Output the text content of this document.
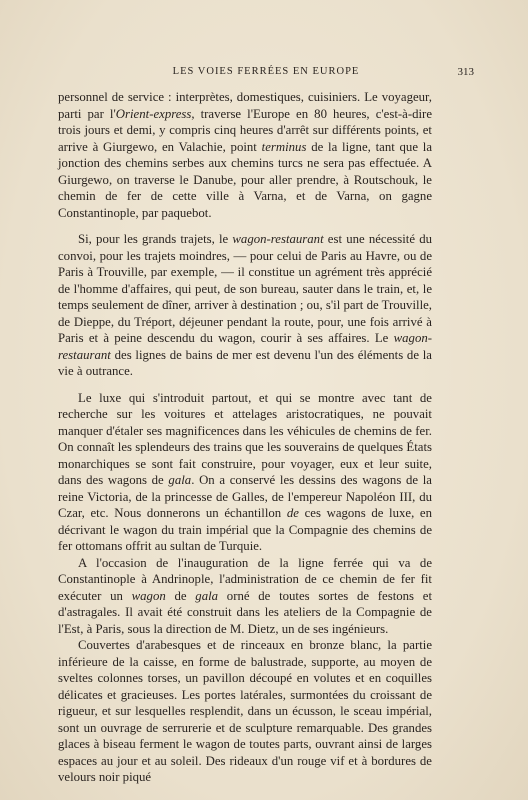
LES VOIES FERRÉES EN EUROPE	313

personnel de service : interprètes, domestiques, cuisiniers. Le voyageur, parti par l'Orient-express, traverse l'Europe en 80 heures, c'est-à-dire trois jours et demi, y compris cinq heures d'arrêt sur différents points, et arrive à Giurgewo, en Valachie, point terminus de la ligne, tant que la jonction des chemins serbes aux chemins turcs ne sera pas effectuée. A Giurgewo, on traverse le Danube, pour aller prendre, à Routschouk, le chemin de fer de cette ville à Varna, et de Varna, on gagne Constantinople, par paquebot.

Si, pour les grands trajets, le wagon-restaurant est une nécessité du convoi, pour les trajets moindres, — pour celui de Paris au Havre, ou de Paris à Trouville, par exemple, — il constitue un agrément très apprécié de l'homme d'affaires, qui peut, de son bureau, sauter dans le train, et, le temps seulement de dîner, arriver à destination ; ou, s'il part de Trouville, de Dieppe, du Tréport, déjeuner pendant la route, pour, une fois arrivé à Paris et à peine descendu du wagon, courir à ses affaires. Le wagon-restaurant des lignes de bains de mer est devenu l'un des éléments de la vie à outrance.

Le luxe qui s'introduit partout, et qui se montre avec tant de recherche sur les voitures et attelages aristocratiques, ne pouvait manquer d'étaler ses magnificences dans les véhicules de chemins de fer. On connaît les splendeurs des trains que les souverains de quelques États monarchiques se sont fait construire, pour voyager, eux et leur suite, dans des wagons de gala. On a conservé les dessins des wagons de la reine Victoria, de la princesse de Galles, de l'empereur Napoléon III, du Czar, etc. Nous donnerons un échantillon de ces wagons de luxe, en décrivant le wagon du train impérial que la Compagnie des chemins de fer ottomans offrit au sultan de Turquie.

A l'occasion de l'inauguration de la ligne ferrée qui va de Constantinople à Andrinople, l'administration de ce chemin de fer fit exécuter un wagon de gala orné de toutes sortes de festons et d'astragales. Il avait été construit dans les ateliers de la Compagnie de l'Est, à Paris, sous la direction de M. Dietz, un de ses ingénieurs.

Couvertes d'arabesques et de rinceaux en bronze blanc, la partie inférieure de la caisse, en forme de balustrade, supporte, au moyen de sveltes colonnes torses, un pavillon découpé en volutes et en coquilles délicates et gracieuses. Les portes latérales, surmontées du croissant de rigueur, et sur lesquelles resplendit, dans un écusson, le sceau impérial, sont un ouvrage de serrurerie et de sculpture remarquable. Des grandes glaces à biseau ferment le wagon de toutes parts, ouvrant ainsi de larges espaces au jour et au soleil. Des rideaux d'un rouge vif et à bordures de velours noir piqué
